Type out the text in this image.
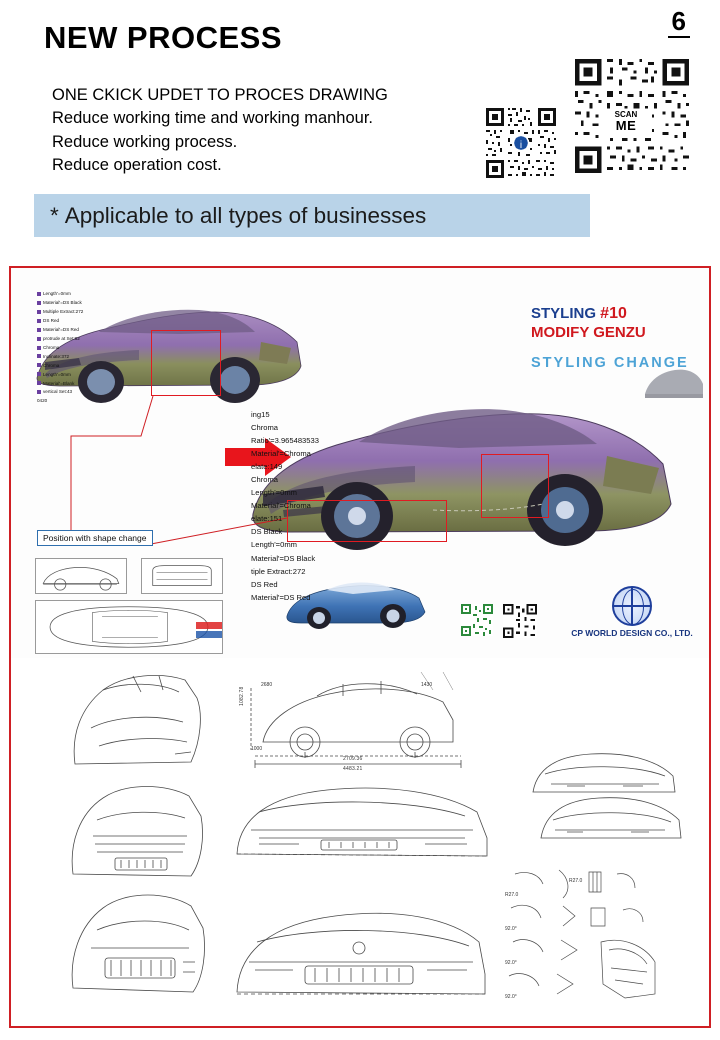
6
NEW PROCESS
ONE CKICK UPDET TO PROCES DRAWING
Reduce working time and working manhour.
Reduce working process.
Reduce operation cost.
i
SCAN
ME
* Applicable to all types of businesses
STYLING #10
MODIFY GENZU
STYLING CHANGE
ing15
Chroma
Ratio'=3.965483533
Material'=Chroma
elate:149
Chroma
Length'=0mm
Material'=Chroma
elate:151
DS Black
Length'=0mm
Material'=DS Black
tiple Extract:272
DS Red
Material'=DS Red
Length'=0mm
Material'=DS Black
Multiple Extract:272
DS Red
Material'=DS Red
protrude at Set:82
Chroma
Inclinate:372
Chroma
Length'=0mm
Material'=Blank
vertical Set:43
0420
Position with shape change
CP WORLD DESIGN CO., LTD.
2709.36
4483.21
1082.78
92.0°
92.0°
92.0°
R27.0
R27.0
2680	1430
1000
